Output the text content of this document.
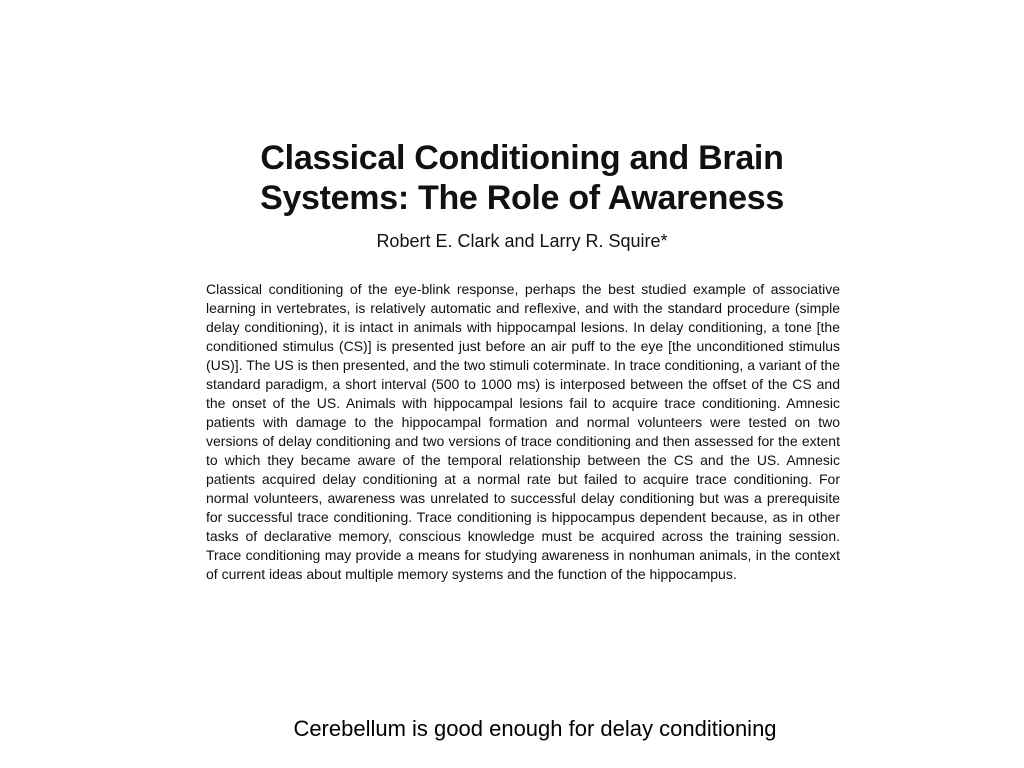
Classical Conditioning and Brain
Systems: The Role of Awareness

Robert E. Clark and Larry R. Squire*

Classical conditioning of the eye-blink response, perhaps the best studied example of associative learning in vertebrates, is relatively automatic and reflexive, and with the standard procedure (simple delay conditioning), it is intact in animals with hippocampal lesions. In delay conditioning, a tone [the conditioned stimulus (CS)] is presented just before an air puff to the eye [the unconditioned stimulus (US)]. The US is then presented, and the two stimuli coterminate. In trace conditioning, a variant of the standard paradigm, a short interval (500 to 1000 ms) is interposed between the offset of the CS and the onset of the US. Animals with hippocampal lesions fail to acquire trace conditioning. Amnesic patients with damage to the hippocampal formation and normal volunteers were tested on two versions of delay conditioning and two versions of trace conditioning and then assessed for the extent to which they became aware of the temporal relationship between the CS and the US. Amnesic patients acquired delay conditioning at a normal rate but failed to acquire trace conditioning. For normal volunteers, awareness was unrelated to successful delay conditioning but was a prerequisite for successful trace conditioning. Trace conditioning is hippocampus dependent because, as in other tasks of declarative memory, conscious knowledge must be acquired across the training session. Trace conditioning may provide a means for studying awareness in nonhuman animals, in the context of current ideas about multiple memory systems and the function of the hippocampus.

Cerebellum is good enough for delay conditioning
